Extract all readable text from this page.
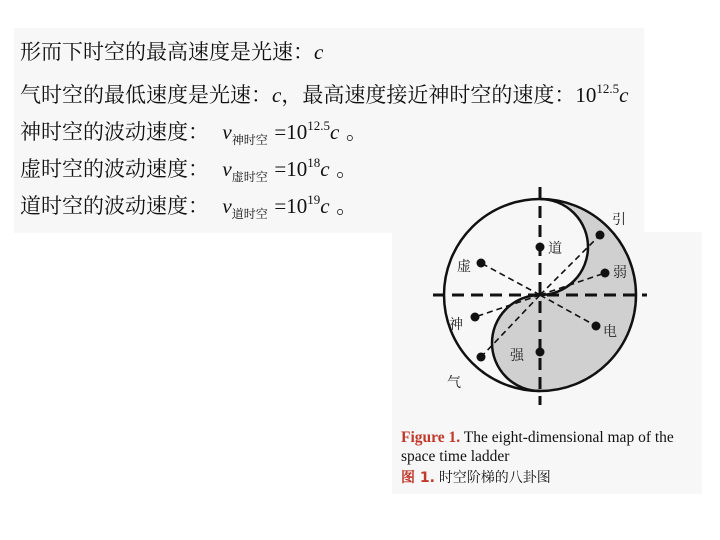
形而下时空的最高速度是光速：c
气时空的最低速度是光速：c，最高速度接近神时空的速度：$10^{12.5}c$
神时空的波动速度： $v_{神时空} =10^{12.5}c$ 。
虚时空的波动速度： $v_{虚时空} =10^{18}c$ 。
道时空的波动速度： $v_{道时空} =10^{19}c$ 。
引
道
虚	弱
神	电
强
气
Figure 1. The eight-dimensional map of the space time ladder
图 1. 时空阶梯的八卦图
